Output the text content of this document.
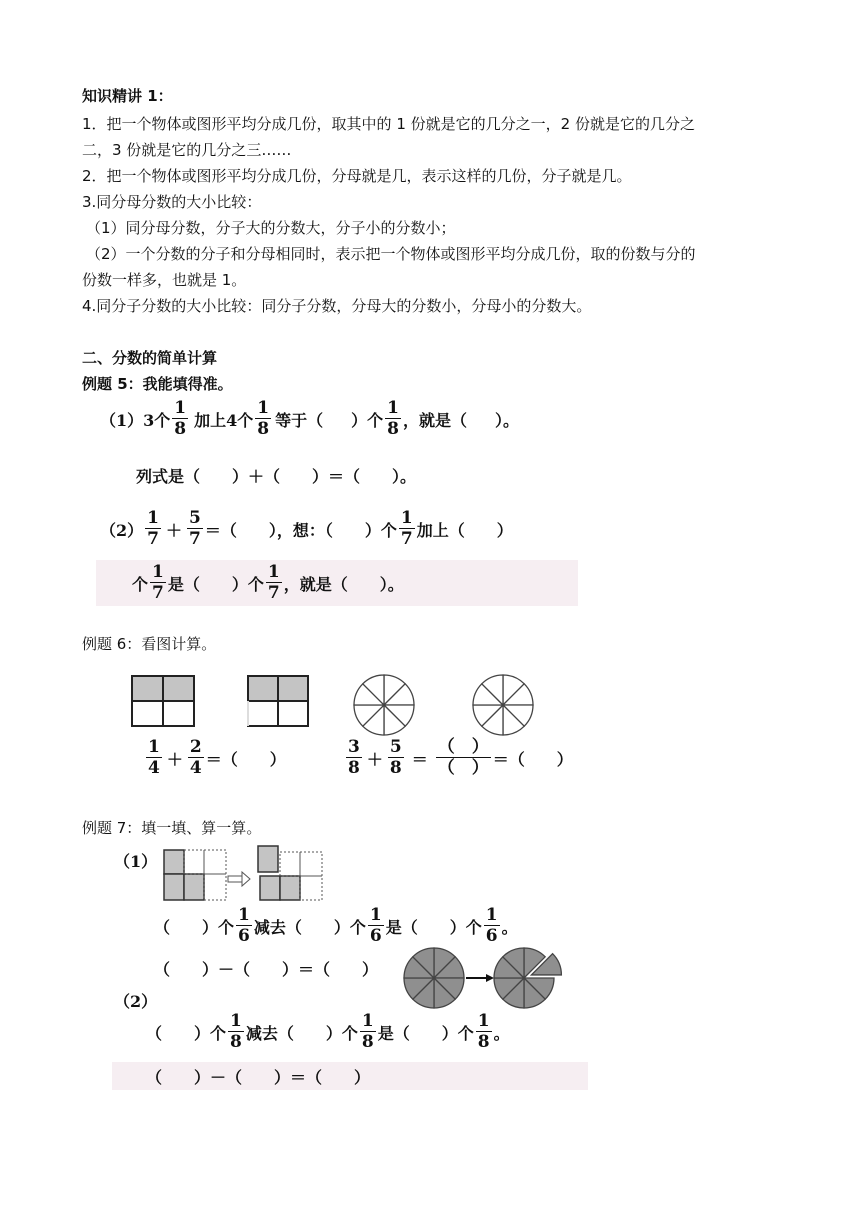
知识精讲 1：
1．把一个物体或图形平均分成几份，取其中的 1 份就是它的几分之一，2 份就是它的几分之
二，3 份就是它的几分之三……
2．把一个物体或图形平均分成几份，分母就是几，表示这样的几份，分子就是几。
3.同分母分数的大小比较：
（1）同分母分数，分子大的分数大，分子小的分数小；
（2）一个分数的分子和分母相同时，表示把一个物体或图形平均分成几份，取的份数与分的
份数一样多，也就是 1。
4.同分子分数的大小比较：同分子分数，分母大的分数小，分母小的分数大。
二、分数的简单计算
例题 5：我能填得准。
（1） 3个 $\frac{1}{8}$ 加上4个 $\frac{1}{8}$ 等于（ ）个 $\frac{1}{8}$ ，就是（ ）。
列式是（　　）＋（　　）＝（　　）。
$(2) \frac{1}{7} + \frac{5}{7}$ ＝（　　），想：（　　）个 $\frac{1}{7}$ 加上（　　）
个 $\frac{1}{7}$ 是（　　）个 $\frac{1}{7}$ ，就是（　　）。
例题 6：看图计算。
$\frac{1}{4} + \frac{2}{4}$ ＝（　　）	$\frac{3}{8} + \frac{5}{8} = \frac{( )}{( )}$ ＝（　　）
例题 7：填一填、算一算。
（1）
（　　）个 $\frac{1}{6}$ 减去（　　）个 $\frac{1}{6}$ 是（　　）个 $\frac{1}{6}$ 。
（　　）－（　　）＝（　　）
（2）
（　　）个 $\frac{1}{8}$ 减去（　　）个 $\frac{1}{8}$ 是（　　）个 $\frac{1}{8}$ 。
（　　）－（　　）＝（　　）
